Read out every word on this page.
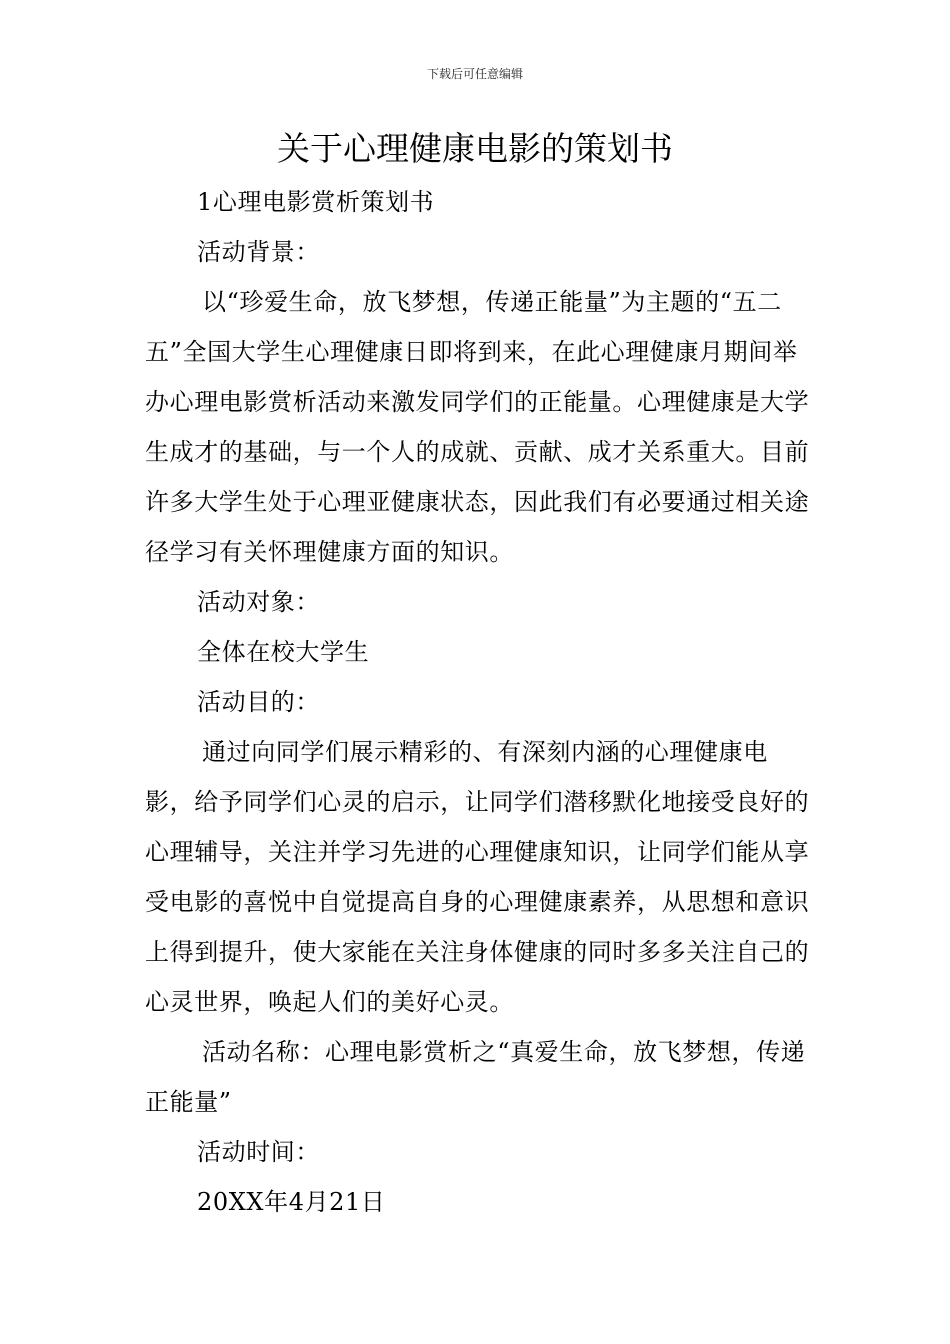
下载后可任意编辑
关于心理健康电影的策划书

1心理电影赏析策划书

活动背景：

以“珍爱生命，放飞梦想，传递正能量”为主题的“五二五”全国大学生心理健康日即将到来，在此心理健康月期间举办心理电影赏析活动来激发同学们的正能量。心理健康是大学生成才的基础，与一个人的成就、贡献、成才关系重大。目前许多大学生处于心理亚健康状态，因此我们有必要通过相关途径学习有关怀理健康方面的知识。

活动对象：

全体在校大学生

活动目的：

通过向同学们展示精彩的、有深刻内涵的心理健康电影，给予同学们心灵的启示，让同学们潜移默化地接受良好的心理辅导，关注并学习先进的心理健康知识，让同学们能从享受电影的喜悦中自觉提高自身的心理健康素养，从思想和意识上得到提升，使大家能在关注身体健康的同时多多关注自己的心灵世界，唤起人们的美好心灵。

活动名称：心理电影赏析之“真爱生命，放飞梦想，传递正能量”

活动时间：

20XX年4月21日
